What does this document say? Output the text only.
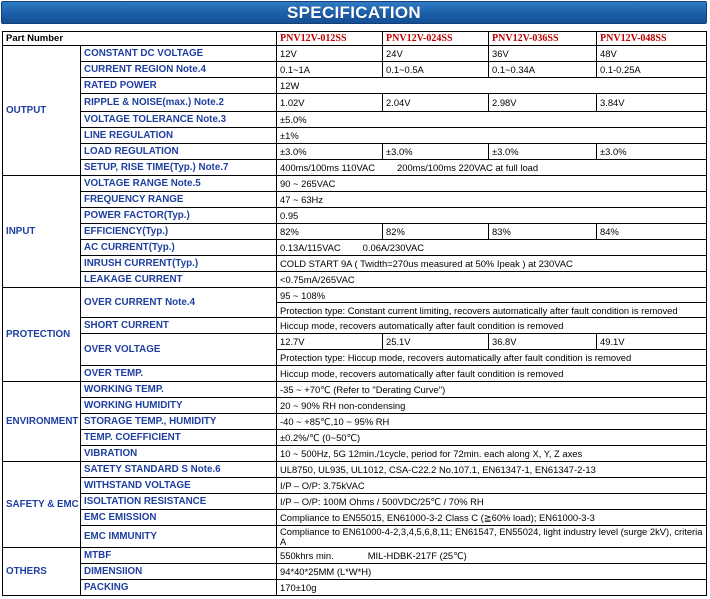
SPECIFICATION
Part Number		PNV12V-012SS	PNV12V-024SS	PNV12V-036SS	PNV12V-048SS
OUTPUT	CONSTANT DC VOLTAGE	12V	24V	36V	48V
	CURRENT REGION Note.4	0.1~1A	0.1~0.5A	0.1~0.34A	0.1-0.25A
	RATED POWER	12W			
	RIPPLE & NOISE(max.) Note.2	1.02V	2.04V	2.98V	3.84V
	VOLTAGE TOLERANCE Note.3	±5.0%			
	LINE REGULATION	±1%			
	LOAD REGULATION	±3.0%	±3.0%	±3.0%	±3.0%
	SETUP, RISE TIME(Typ.) Note.7	400ms/100ms 110VAC 200ms/100ms 220VAC at full load			
INPUT	VOLTAGE RANGE Note.5	90 ~ 265VAC			
	FREQUENCY RANGE	47 ~ 63Hz			
	POWER FACTOR(Typ.)	0.95			
	EFFICIENCY(Typ.)	82%	82%	83%	84%
	AC CURRENT(Typ.)	0.13A/115VAC 0.06A/230VAC			
	INRUSH CURRENT(Typ.)	COLD START 9A ( Twidth=270us measured at 50% Ipeak ) at 230VAC			
	LEAKAGE CURRENT	<0.75mA/265VAC			
PROTECTION	OVER CURRENT Note.4	95 ~ 108%			
		Protection type: Constant current limiting, recovers automatically after fault condition is removed			
	SHORT CURRENT	Hiccup mode, recovers automatically after fault condition is removed			
	OVER VOLTAGE	12.7V	25.1V	36.8V	49.1V
		Protection type: Hiccup mode, recovers automatically after fault condition is removed			
	OVER TEMP.	Hiccup mode, recovers automatically after fault condition is removed			
ENVIRONMENT	WORKING TEMP.	-35 ~ +70℃ (Refer to "Derating Curve")			
	WORKING HUMIDITY	20 ~ 90% RH non-condensing			
	STORAGE TEMP., HUMIDITY	-40 ~ +85℃,10 ~ 95% RH			
	TEMP. COEFFICIENT	±0.2%/℃ (0~50℃)			
	VIBRATION	10 ~ 500Hz, 5G 12min./1cycle, period for 72min. each along X, Y, Z axes			
SAFETY & EMC	SATETY STANDARD S Note.6	UL8750, UL935, UL1012, CSA-C22.2 No.107.1, EN61347-1, EN61347-2-13			
	WITHSTAND VOLTAGE	I/P – O/P: 3.75kVAC			
	ISOLTATION RESISTANCE	I/P – O/P: 100M Ohms / 500VDC/25℃ / 70% RH			
	EMC EMISSION	Compliance to EN55015, EN61000-3-2 Class C (≧60% load); EN61000-3-3			
	EMC IMMUNITY	Compliance to EN61000-4-2,3,4,5,6,8,11; EN61547, EN55024, light industry level (surge 2kV), criteria A			
OTHERS	MTBF	550khrs min. MIL-HDBK-217F (25℃)			
	DIMENSIION	94*40*25MM (L*W*H)			
	PACKING	170±10g			
